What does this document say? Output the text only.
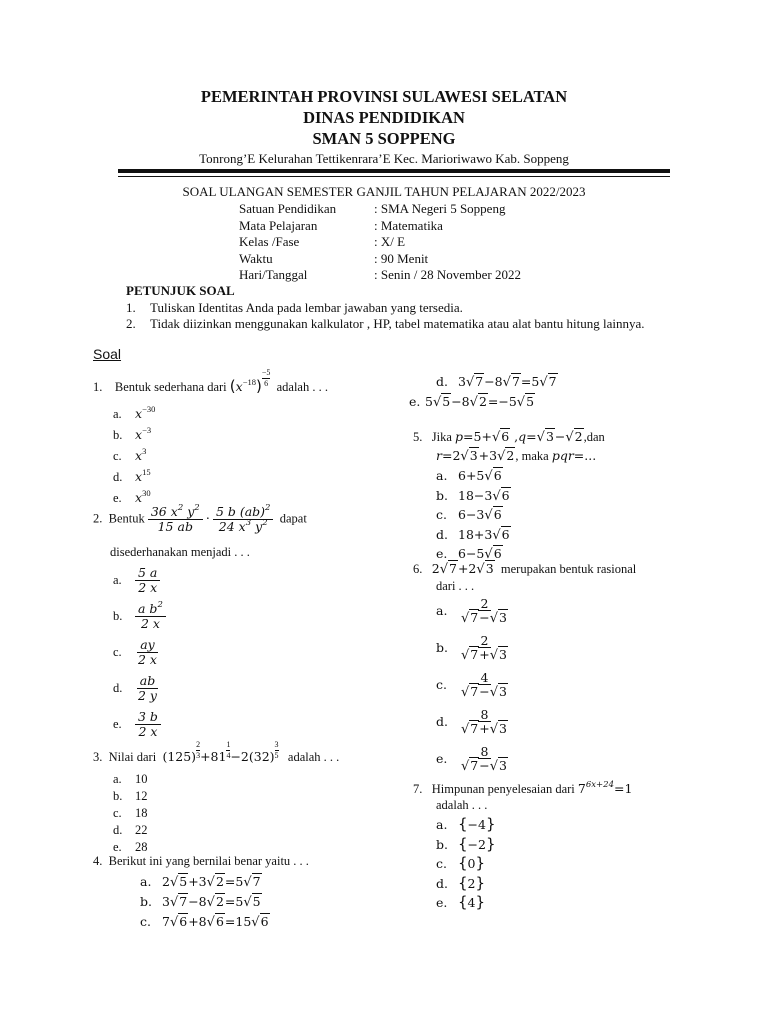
PEMERINTAH PROVINSI SULAWESI SELATAN
DINAS PENDIDIKAN
SMAN 5 SOPPENG
Tonrong’E Kelurahan Tettikenrara’E Kec. Marioriwawo Kab. Soppeng
SOAL ULANGAN SEMESTER GANJIL TAHUN PELAJARAN 2022/2023
Satuan Pendidikan	: SMA Negeri 5 Soppeng
Mata Pelajaran	: Matematika
Kelas /Fase	: X/ E
Waktu	: 90 Menit
Hari/Tanggal	: Senin / 28 November 2022
PETUNJUK SOAL
1.	Tuliskan Identitas Anda pada lembar jawaban yang tersedia.
2.	Tidak diizinkan menggunakan kalkulator , HP, tabel matematika atau alat bantu hitung lainnya.
Soal
1. Bentuk sederhana dari $(x^{-18}) \frac{-5}{6}$ adalah . . .
a. $x^{-30}$
b. $x^{-3}$
c. $x^3$
d. $x^{15}$
e. $x^{30}$
2. Bentuk $\frac{36 x^2 y^2}{15 ab} \cdot \frac{5 b (ab)^2}{24 x^3 y^2}$ dapat
disederhanakan menjadi . . .
a.	$\frac{5 a}{2 x}$
b.	$\frac{a b^2}{2 x}$
c.	$\frac{ay}{2 x}$
d.	$\frac{ab}{2 y}$
e.	$\frac{3 b}{2 x}$
3. Nilai dari $(125) \frac{2}{3} +81 \frac{1}{4} -2(32) \frac{3}{5}$ adalah . . .
a. 10
b. 12
c. 18
d. 22
e. 28
4. Berikut ini yang bernilai benar yaitu . . .
a. 2√5+3√2=5√7
b. 3√7−8√2=5√5
c. 7√6+8√6=15√6
d. 3√7−8√7=5√7
e. 5√5−8√2=−5√5
5. Jika p=5+√6 ,q=√3−√2,dan
r=2√3+3√2, maka pqr=...
a. 6+5√6
b. 18−3√6
c. 6−3√6
d. 18+3√6
e. 6−5√6
6. 2√7+2√3 merupakan bentuk rasional
dari . . .
a. $\frac{2}{√7-√3}$
b. $\frac{2}{√7+√3}$
c. $\frac{4}{√7-√3}$
d. $\frac{8}{√7+√3}$
e. $\frac{8}{√7-√3}$
7. Himpunan penyelesaian dari $7^{6x+24}=1$
adalah . . .
a. {−4}
b. {−2}
c. {0}
d. {2}
e. {4}
